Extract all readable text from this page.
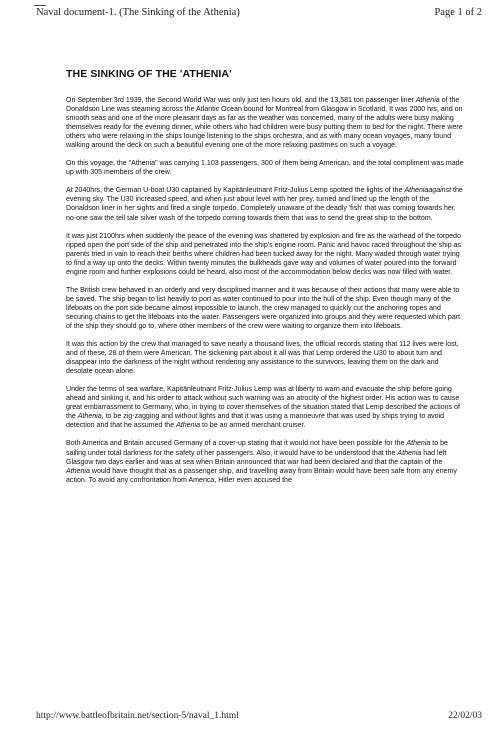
Naval document-1. (The Sinking of the Athenia)	Page 1 of 2
THE SINKING OF THE 'ATHENIA'

On September 3rd 1939, the Second World War was only just ten hours old, and the 13,581 ton passenger liner Athenia of the Donaldson Line was steaming across the Atlantic Ocean bound for Montreal from Glasgow in Scotland. It was 2000 hrs, and on smooth seas and one of the more pleasant days as far as the weather was concerned, many of the adults were busy making themselves ready for the evening dinner, while others who had children were busy putting them to bed for the night. There were others who were relaxing in the ships lounge listening to the ships orchestra, and as with many ocean voyages, many found walking around the deck on such a beautiful evening one of the more relaxing pastimes on such a voyage.

On this voyage, the "Athenia" was carrying 1.103 passengers, 300 of them being American, and the total compliment was made up with 305 members of the crew.

At 2040hrs, the German U-boat U30 captained by Kapitänleutnant Fritz-Julius Lemp spotted the lights of the Atheniaagainst the evening sky. The U30 increased speed, and when just about level with her prey, turned and lined up the length of the Donaldson liner in her sights and fired a single torpedo. Completely unaware of the deadly 'fish' that was coming towards her, no-one saw the tell tale silver wash of the torpedo coming towards them that was to send the great ship to the bottom.

It was just 2100hrs when suddenly the peace of the evening was shattered by explosion and fire as the warhead of the torpedo ripped open the port side of the ship and penetrated into the ship's engine room. Panic and havoc raced throughout the ship as parents tried in vain to reach their berths where children had been tucked away for the night. Many waded through water trying to find a way up onto the decks. Within twenty minutes the bulkheads gave way and volumes of water poured into the forward engine room and further explosions could be heard, also most of the accommodation below decks was now filled with water.

The British crew behaved in an orderly and very disciplined manner and it was because of their actions that many were able to be saved. The ship began to list heavily to port as water continued to pour into the hull of the ship. Even though many of the lifeboats on the port side became almost impossible to launch, the crew managed to quickly cut the anchoring ropes and securing chains to get the lifeboats into the water. Passengers were organized into groups and they were requested which part of the ship they should go to, where other members of the crew were waiting to organize them into lifeboats.

It was this action by the crew that managed to save nearly a thousand lives, the official records stating that 112 lives were lost, and of these, 28 of them were American. The sickening part about it all was that Lemp ordered the U30 to about turn and disappear into the darkness of the night without rendering any assistance to the survivors, leaving them on the dark and desolate ocean alone.

Under the terms of sea warfare, Kapitänleutnant Fritz-Julius Lemp was at liberty to warn and evacuate the ship before going ahead and sinking it, and his order to attack without such warning was an atrocity of the highest order. His action was to cause great embarrassment to Germany, who, in trying to cover themselves of the situation stated that Lemp described the actions of the Athenia, to be zig-zagging and without lights and that it was using a manoeuvre that was used by ships trying to avoid detection and that he assumed the Athenia to be an armed merchant cruiser.

Both America and Britain accused Germany of a cover-up stating that it would not have been possible for the Athenia to be sailing under total darkness for the safety of her passengers. Also, it would have to be understood that the Athenia had left Glasgow two days earlier and was at sea when Britain announced that war had been declared and that the captain of the Athenia would have thought that as a passenger ship, and travelling away from Britain would have been safe from any enemy action. To avoid any confrontation from America, Hitler even accused the

http://www.battleofbritain.net/section-5/naval_1.html	22/02/03
